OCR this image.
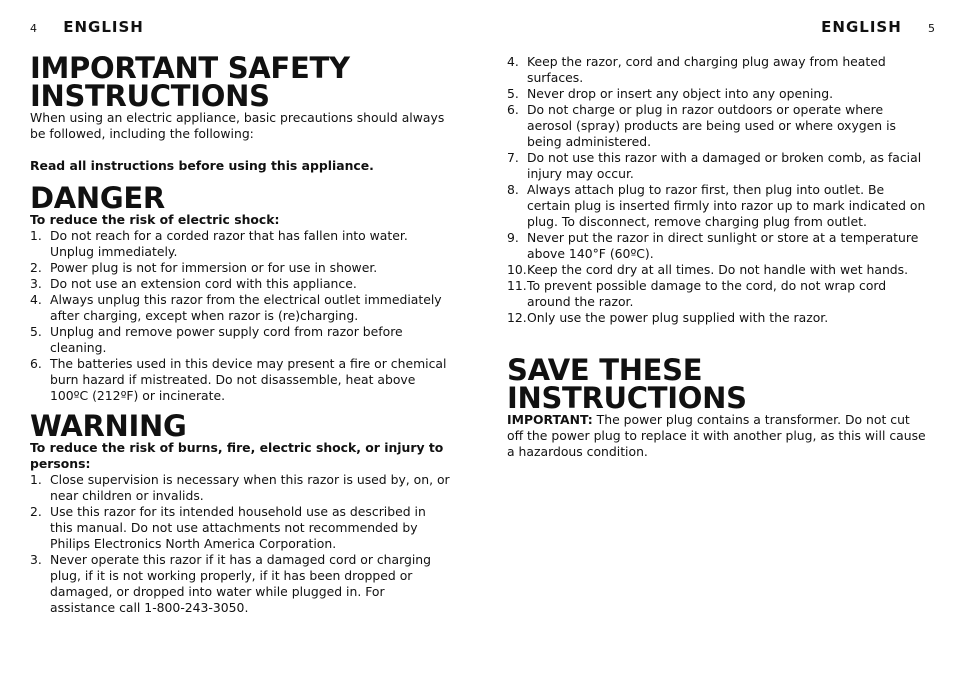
4 ENGLISH
IMPORTANT SAFETY INSTRUCTIONS

When using an electric appliance, basic precautions should always be followed, including the following:

Read all instructions before using this appliance.

DANGER

To reduce the risk of electric shock:

1. Do not reach for a corded razor that has fallen into water. Unplug immediately.
2. Power plug is not for immersion or for use in shower.
3. Do not use an extension cord with this appliance.
4. Always unplug this razor from the electrical outlet immediately after charging, except when razor is (re)charging.
5. Unplug and remove power supply cord from razor before cleaning.
6. The batteries used in this device may present a fire or chemical burn hazard if mistreated. Do not disassemble, heat above 100ºC (212ºF) or incinerate.
WARNING

To reduce the risk of burns, fire, electric shock, or injury to persons:

1. Close supervision is necessary when this razor is used by, on, or near children or invalids.
2. Use this razor for its intended household use as described in this manual. Do not use attachments not recommended by Philips Electronics North America Corporation.
3. Never operate this razor if it has a damaged cord or charging plug, if it is not working properly, if it has been dropped or damaged, or dropped into water while plugged in. For assistance call 1-800-243-3050.
ENGLISH 5
4. Keep the razor, cord and charging plug away from heated surfaces.
5. Never drop or insert any object into any opening.
6. Do not charge or plug in razor outdoors or operate where aerosol (spray) products are being used or where oxygen is being administered.
7. Do not use this razor with a damaged or broken comb, as facial injury may occur.
8. Always attach plug to razor first, then plug into outlet. Be certain plug is inserted firmly into razor up to mark indicated on plug. To disconnect, remove charging plug from outlet.
9. Never put the razor in direct sunlight or store at a temperature above 140°F (60ºC).
10. Keep the cord dry at all times. Do not handle with wet hands.
11. To prevent possible damage to the cord, do not wrap cord around the razor.
12. Only use the power plug supplied with the razor.
SAVE THESE INSTRUCTIONS

IMPORTANT: The power plug contains a transformer. Do not cut off the power plug to replace it with another plug, as this will cause a hazardous condition.
